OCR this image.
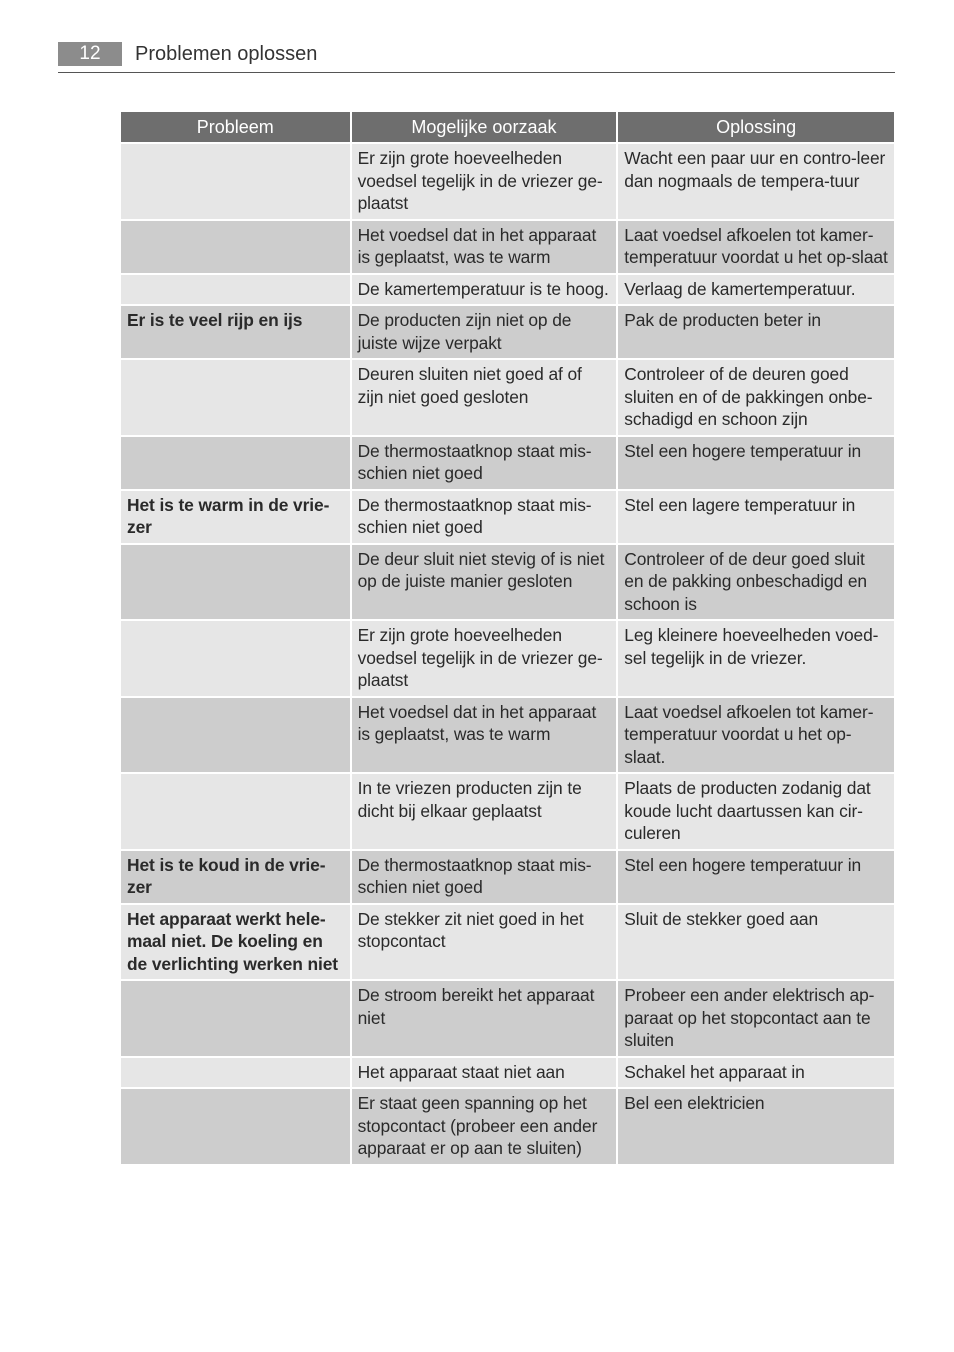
12	Problemen oplossen
Probleem	Mogelijke oorzaak	Oplossing
	Er zijn grote hoeveelheden voedsel tegelijk in de vriezer ge-plaatst	Wacht een paar uur en contro-leer dan nogmaals de tempera-tuur
	Het voedsel dat in het apparaat is geplaatst, was te warm	Laat voedsel afkoelen tot kamer-temperatuur voordat u het op-slaat
	De kamertemperatuur is te hoog.	Verlaag de kamertemperatuur.
Er is te veel rijp en ijs	De producten zijn niet op de juiste wijze verpakt	Pak de producten beter in
	Deuren sluiten niet goed af of zijn niet goed gesloten	Controleer of de deuren goed sluiten en of de pakkingen onbe-schadigd en schoon zijn
	De thermostaatknop staat mis-schien niet goed	Stel een hogere temperatuur in
Het is te warm in de vrie-zer	De thermostaatknop staat mis-schien niet goed	Stel een lagere temperatuur in
	De deur sluit niet stevig of is niet op de juiste manier gesloten	Controleer of de deur goed sluit en de pakking onbeschadigd en schoon is
	Er zijn grote hoeveelheden voedsel tegelijk in de vriezer ge-plaatst	Leg kleinere hoeveelheden voed-sel tegelijk in de vriezer.
	Het voedsel dat in het apparaat is geplaatst, was te warm	Laat voedsel afkoelen tot kamer-temperatuur voordat u het op-slaat.
	In te vriezen producten zijn te dicht bij elkaar geplaatst	Plaats de producten zodanig dat koude lucht daartussen kan cir-culeren
Het is te koud in de vrie-zer	De thermostaatknop staat mis-schien niet goed	Stel een hogere temperatuur in
Het apparaat werkt hele-maal niet. De koeling en de verlichting werken niet	De stekker zit niet goed in het stopcontact	Sluit de stekker goed aan
	De stroom bereikt het apparaat niet	Probeer een ander elektrisch ap-paraat op het stopcontact aan te sluiten
	Het apparaat staat niet aan	Schakel het apparaat in
	Er staat geen spanning op het stopcontact (probeer een ander apparaat er op aan te sluiten)	Bel een elektricien
